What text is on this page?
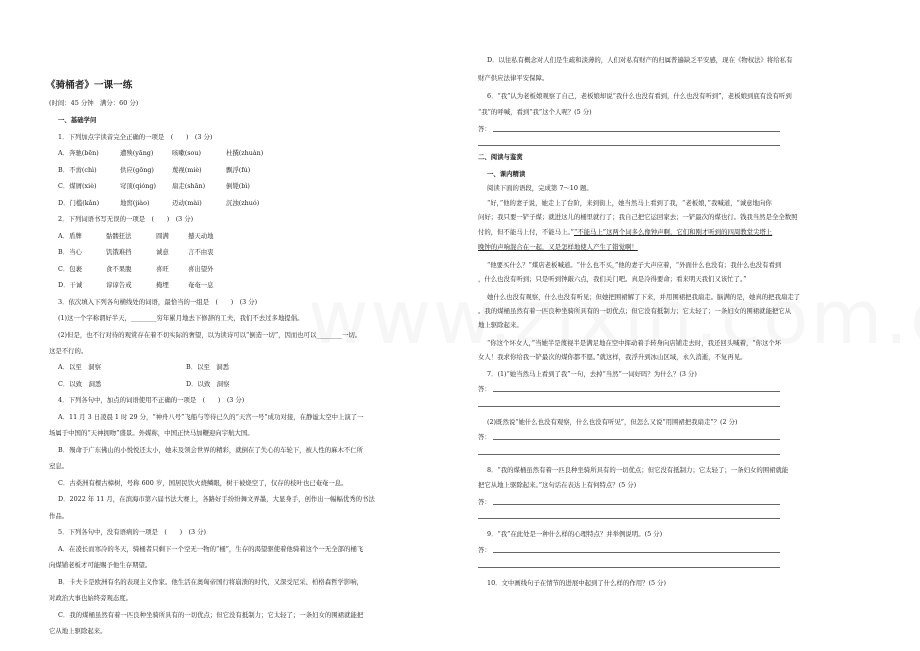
《骑桶者》一课一练
(时间：45 分钟　满分：60 分)
一、基础学问
1．下列加点字读音完全正确的一项是　(　　)　(3 分)
A．奔驰(bēn)	遭殃(yāng)	咳嗽(sou)	杜撰(zhuàn)
B．不啻(chì)	供应(gōng)	蔑视(miè)	飘浮(fú)
C．煤屑(xiè)	穹顶(qióng)	扇走(shān)	倒毙(bì)
D．门槛(kǎn)	地窖(jiào)	迈动(mài)	沉浊(zhuó)
2．下列词语书写无误的一项是　(　　)　(3 分)
A．盾牌	骷髅狂法	圆满	撼天动地
B．当心	饥饿难挡	诚意	言不由衷
C．包裹	食不果腹	喜旺	喜出望外
D．干诚	谆谆告戒	掩埋	奄奄一息
3．依次填入下列各句横线处的词语，最恰当的一组是　(　　)　(3 分)
(1)这一个字称谓好半天，________穷年累月地去下修辞的工夫，我们不去过多地提倡。
(2)但是，也不行对待的观赏存在着不切实际的奢望，以为读诗可以“倒造一切”，因而也可以________一切。
这是不行的。
A．以至　洞察	B．以至　洞悉
C．以致　洞悉	D．以致　洞察
4．下列各句中，加点的词语使用不正确的一项是　(　　)　(3 分)
A．11 月 3 日凌晨 1 时 29 分，“神舟八号”飞船与等待已久的“天宫一号”成功对接，在静谧太空中上演了一
场属于中国的“天神拥吻”盛景。外媒称，中国正快马加鞭迎向宇航大国。
B．殒命于广东佛山的小悦悦还太小，她未及领会世界的精彩，就倒在了失心的车轮下，被人性的麻木不仁所
窒息。
C．古桑洲有棵古樟树，号称 600 岁，国居民饮火烧鳞眼，树干被烧空了，仅存的枝叶也已奄奄一息。
D．2022 年 11 月，在滨海市第六届书法大赛上，各路好手纷纷舞文弄墨，大显身手，创作出一幅幅优秀的书法
作品。
5．下列各句中，没有语病的一项是　(　　)　(3 分)
A．在凌长而寒冷的冬天，骑桶者只剩下一个空无一物的“桶”，生存的渴望驱使着他骑着这个一无全部的桶飞
向煤铺老板才可能赐予他生存期望。
B．卡夫卡是欧洲有名的表现主义作家。他生活在奥匈帝国行将崩溃的时代，又深受尼采、柏格森哲学影响，
对政治大事也始终旁观态度。
C．我的煤桶虽然有着一匹良种坐骑所具有的一切优点；但它没有抵制力；它太轻了；一条妇女的围裙就能把
它从地上驱除起来。
D．以往私有概念对人们是生疏和淡薄的，人们对私有财产的归属普遍缺乏平安感，现在《物权法》将给私有
财产供应法律平安保障。
6．“我”认为老板娘观察了自己，老板娘却说“我什么也没有看到，什么也没有听到”，老板娘到底有没有听到
“我”的呼喊，看到“我”这个人呢？(5 分)
答：
二、阅读与鉴赏
一、课内精读
阅读下面的语段，完成第 7～10 题。
“好，”他的妻子说，她走上了台阶，来到街上，她当然马上看到了我，“老板娘，”我喊道，“诚意地向你
问好；我只要一铲子煤；就进这儿的桶里就行了；我自己把它运回家去；一铲最次的煤也行。钱我当然是全全数照
付的，但不能马上付，不能马上。”“不能马上”这两个词多么像钟声啊，它们和刚才听到的四周教堂尖塔上
晚钟的声响混合在一起，又是怎样地使人产生了错觉啊！
“他要买什么？”煤店老板喊道。“什么也不买，”他的妻子大声应着，“外面什么也没有；我什么也没有看到
，什么也没有听到；只是听到钟敲六点，我们关门吧。真是冷得要命；看来明天我们又该忙了。”
她什么也没有观察，什么也没有听见；但她把围裙解了下来，并用围裙把我扇走。脑满的是，她真的把我扇走了
。我的煤桶虽然有着一匹良种坐骑所具有的一切优点；但它没有抵制力；它太轻了；一条妇女的围裙就能把它从
地上驱除起来。
“你这个坏女人，”当她半是蔑视半是满足地在空中挥动着手转身向店铺走去时，我还回头喊着，“你这个坏
女人！我求你给我一铲最次的煤你都不愿。”就这样，我浮升到冰山区域，永久消逝，不复再见。
7．(1)“她当然马上看到了我”一句，去掉“当然”一词好吗？为什么？(3 分)
答：
(2)既然说“她什么也没有观察，什么也没有听见”，但怎么又说“用围裙把我扇走”？(2 分)
答：
8．“我的煤桶虽然有着一匹良种坐骑所具有的一切优点；但它没有抵制力；它太轻了；一条妇女的围裙就能
把它从地上驱除起来。”这句话在表达上有何特点？(5 分)
答：
9．“我”在此处是一种什么样的心理特点？并举例说明。(5 分)
答：
10．文中画线句子在情节的进展中起到了什么样的作用？(5 分)
